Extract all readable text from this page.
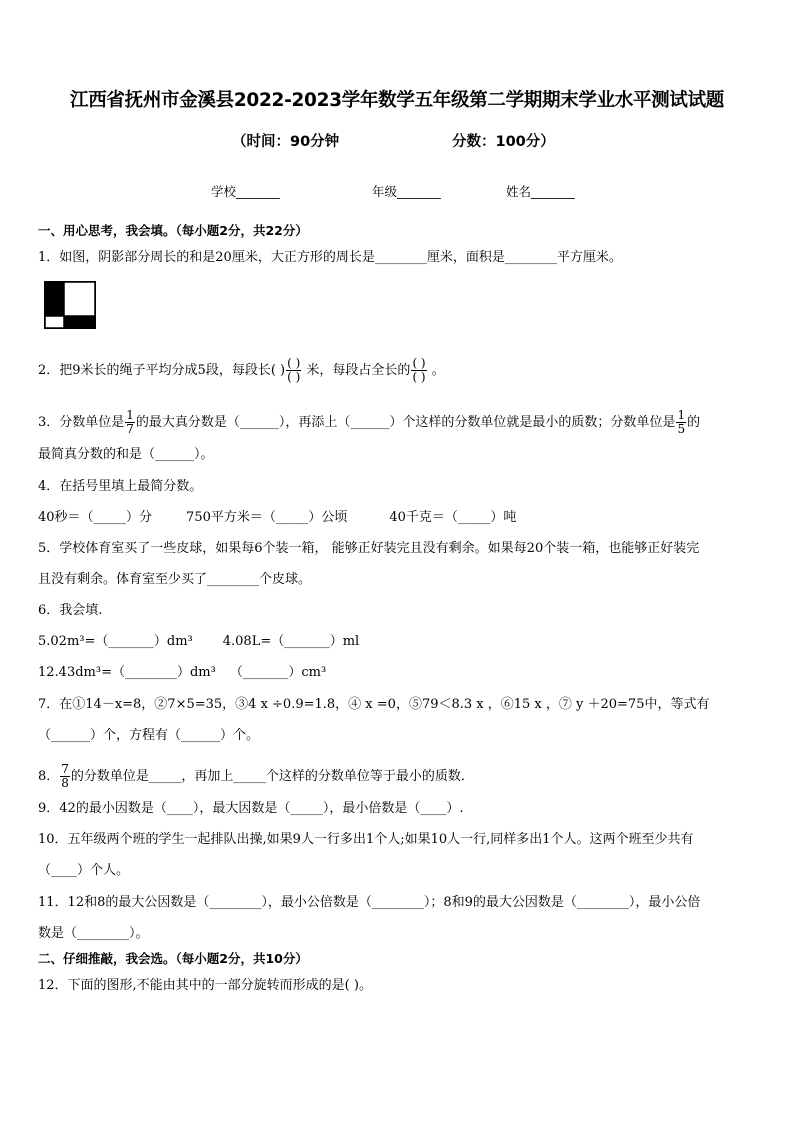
江西省抚州市金溪县2022-2023学年数学五年级第二学期期末学业水平测试试题
（时间：90分钟	分数：100分）
学校_______	年级_______	姓名_______
一、用心思考，我会填。（每小题2分，共22分）
1．如图，阴影部分周长的和是20厘米，大正方形的周长是________厘米，面积是________平方厘米。
2．把9米长的绳子平均分成5段，每段长( ) $\frac{( )}{( )}$ 米，每段占全长的 $\frac{( )}{( )}$ 。
3．分数单位是 $\frac{1}{7}$ 的最大真分数是（______），再添上（______）个这样的分数单位就是最小的质数；分数单位是 $\frac{1}{5}$ 的
最简真分数的和是（______）。
4．在括号里填上最简分数。
40秒＝（_____）分	750平方米＝（_____）公顷	40千克＝（_____）吨
5．学校体育室买了一些皮球，如果每6个装一箱， 能够正好装完且没有剩余。如果每20个装一箱，也能够正好装完
且没有剩余。体育室至少买了________个皮球。
6．我会填.
5.02m³=（_______）dm³ 4.08L=（_______）ml
12.43dm³=（________）dm³ （_______）cm³
7．在①14－x=8，②7×5=35，③4 x ÷0.9=1.8，④ x =0，⑤79＜8.3 x ，⑥15 x ，⑦ y ＋20=75中，等式有
（______）个，方程有（______）个。
8． $\frac{7}{8}$ 的分数单位是_____，再加上_____个这样的分数单位等于最小的质数．
9．42的最小因数是（____），最大因数是（_____），最小倍数是（____）.
10．五年级两个班的学生一起排队出操,如果9人一行多出1个人;如果10人一行,同样多出1个人。这两个班至少共有
（____）个人。
11．12和8的最大公因数是（________），最小公倍数是（________）；8和9的最大公因数是（________），最小公倍
数是（________）。
二、仔细推敲，我会选。（每小题2分，共10分）
12．下面的图形,不能由其中的一部分旋转而形成的是( )。
